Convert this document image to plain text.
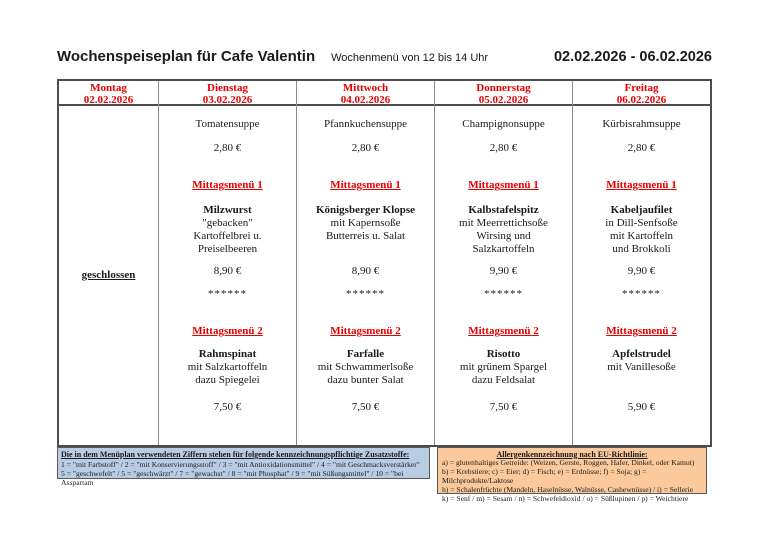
Wochenspeiseplan für Cafe Valentin Wochenmenü von 12 bis 14 Uhr	02.02.2026 - 06.02.2026
Montag
02.02.2026
geschlossen
Dienstag
03.02.2026
Tomatensuppe
2,80 €
Mittagsmenü 1
Milzwurst
"gebacken"
Kartoffelbrei u.
Preiselbeeren
8,90 €
******
Mittagsmenü 2
Rahmspinat
mit Salzkartoffeln
dazu Spiegelei
7,50 €
Mittwoch
04.02.2026
Pfannkuchensuppe
2,80 €
Mittagsmenü 1
Königsberger Klopse
mit Kapernsoße
Butterreis u. Salat
8,90 €
******
Mittagsmenü 2
Farfalle
mit Schwammerlsoße
dazu bunter Salat
7,50 €
Donnerstag
05.02.2026
Champignonsuppe
2,80 €
Mittagsmenü 1
Kalbstafelspitz
mit Meerrettichsoße
Wirsing und
Salzkartoffeln
9,90 €
******
Mittagsmenü 2
Risotto
mit grünem Spargel
dazu Feldsalat
7,50 €
Freitag
06.02.2026
Kürbisrahmsuppe
2,80 €
Mittagsmenü 1
Kabeljaufilet
in Dill-Senfsoße
mit Kartoffeln
und Brokkoli
9,90 €
******
Mittagsmenü 2
Apfelstrudel
mit Vanillesoße
5,90 €
Die in dem Menüplan verwendeten Ziffern stehen für folgende kennzeichnungspflichtige Zusatzstoffe:
1 = "mit Farbstoff" / 2 = "mit Konservierungsstoff" / 3 = "mit Antioxidationsmittel" / 4 = "mit Geschmacksverstärker"
5 = "geschwefelt" / 5 = "geschwärzt" / 7 = "gewachst" / 8 = "mit Phosphat" / 9 = "mit Süßungsmittel" / 10 = "bei Asspartam
Allergenkennzeichnung nach EU-Richtlinie:
a) = glutenhaltiges Getreide: (Weizen, Gerste, Roggen, Hafer, Dinkel, oder Kamut)
b) = Krebstiere; c) = Eier; d) = Fisch; e) = Erdnüsse; f) = Soja; g) = Milchprodukte/Laktose
h) = Schalenfrüchte (Mandeln, Haselnüsse, Walnüsse, Cashewnüsse) / i) = Sellerie
k) = Senf / m) = Sesam / n) = Schwefeldioxid / o) = Süßlupinen / p) = Weichtiere
